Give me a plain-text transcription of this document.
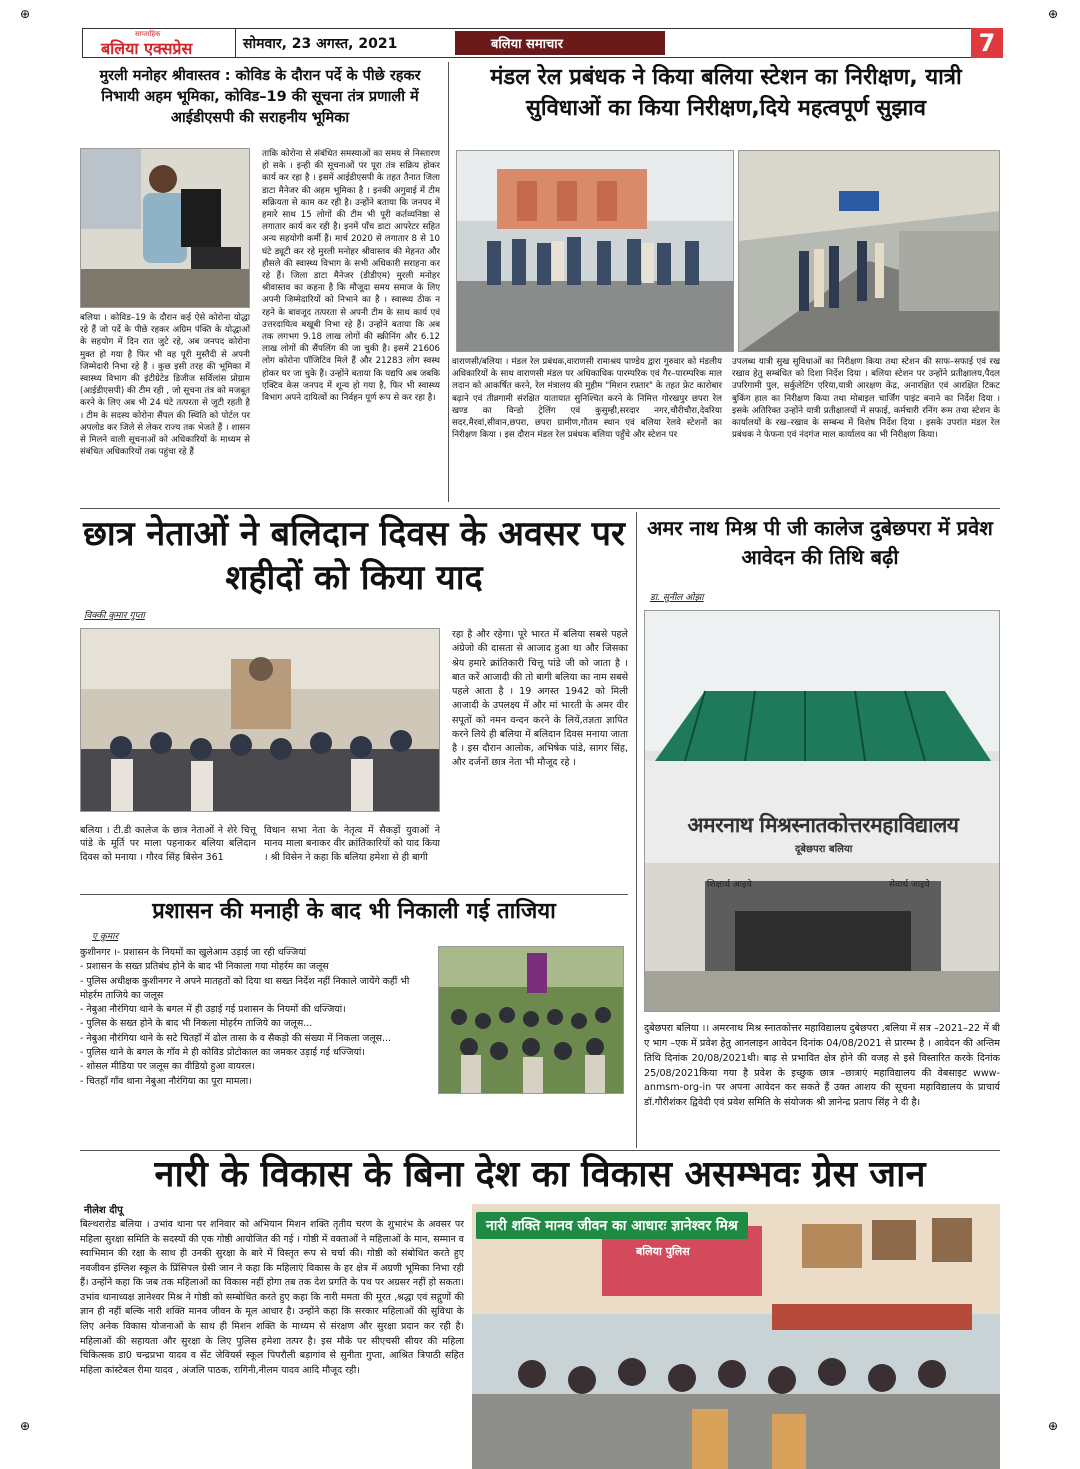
⊕	⊕
⊕	⊕
साप्ताहिक
बलिया एक्सप्रेस	सोमवार, 23 अगस्त, 2021	बलिया समाचार	7
मुरली मनोहर श्रीवास्तव : कोविड के दौरान पर्दे के पीछे रहकर निभायी अहम भूमिका, कोविड–19 की सूचना तंत्र प्रणाली में आईडीएसपी की सराहनीय भूमिका
बलिया । कोविड–19 के दौरान कई ऐसे कोरोना योद्धा रहे हैं जो पर्दे के पीछे रहकर अग्रिम पंक्ति के योद्धाओं के सहयोग में दिन रात जुटे रहे, अब जनपद कोरोना मुक्त हो गया है फिर भी वह पूरी मुस्तैदी से अपनी जिम्मेदारी निभा रहे हैं । कुछ इसी तरह की भूमिका में स्वास्थ्य विभाग की इंटीग्रेटेड डिजीज सर्विलांस प्रोग्राम (आईडीएसपी) की टीम रही , जो सूचना तंत्र को मजबूत करने के लिए अब भी 24 घंटे तत्परता से जुटी रहती है । टीम के सदस्य कोरोना सैंपल की स्थिति को पोर्टल पर अपलोड कर जिले से लेकर राज्य तक भेजते हैं । शासन से मिलने वाली सूचनाओं को अधिकारियों के माध्यम से संबंधित अधिकारियों तक पहुंचा रहे हैं
ताकि कोरोना से संबंधित समस्याओं का समय से निस्तारण हो सके । इन्ही की सूचनाओं पर पूरा तंत्र सक्रिय होकर कार्य कर रहा है । इसमें आईडीएसपी के तहत तैनात जिला डाटा मैनेजर की अहम भूमिका है । इनकी अगुवाई में टीम सक्रियता से काम कर रही है। उन्होंने बताया कि जनपद में हमारे साथ 15 लोगों की टीम भी पूरी कर्तव्यनिष्ठा से लगातार कार्य कर रही है। इनमें पाँच डाटा आपरेटर सहित अन्य सहयोगी कर्मी हैं। मार्च 2020 से लगातार 8 से 10 घंटे ड्यूटी कर रहे मुरली मनोहर श्रीवास्तव की मेहनत और हौसले की स्वास्थ्य विभाग के सभी अधिकारी सराहना कर रहे हैं। जिला डाटा मैनेजर (डीडीएम) मुरली मनोहर श्रीवास्तव का कहना है कि मौजूदा समय समाज के लिए अपनी जिम्मेदारियों को निभाने का है । स्वास्थ्य ठीक न रहने के बावजूद तत्परता से अपनी टीम के साथ कार्य एवं उत्तरदायित्व बखूबी निभा रहे हैं। उन्होंने बताया कि अब तक लगभग 9.18 लाख लोगों की स्क्रीनिंग और 6.12 लाख लोगों की सैंपलिंग की जा चुकी है। इसमें 21606 लोग कोरोना पॉजिटिव मिले हैं और 21283 लोग स्वस्थ होकर घर जा चुके हैं। उन्होंने बताया कि यद्यपि अब जबकि एक्टिव केस जनपद में शून्य हो गया है, फिर भी स्वास्थ्य विभाग अपने दायित्वों का निर्वहन पूर्ण रूप से कर रहा है।
मंडल रेल प्रबंधक ने किया बलिया स्टेशन का निरीक्षण, यात्री सुविधाओं का किया निरीक्षण,दिये महत्वपूर्ण सुझाव
वाराणसी/बलिया । मंडल रेल प्रबंधक,वाराणसी रामाश्रय पाण्डेय द्वारा गुरुवार को मंडलीय अधिकारियों के साथ वाराणसी मंडल पर अधिकाधिक पारम्परिक एवं गैर–पारम्परिक माल लदान को आकर्षित करने, रेल मंत्रालय की मुहीम "मिशन रफ़्तार" के तहत फ्रेट कारोबार बढ़ाने एवं तीव्रगामी संरक्षित यातायात सुनिश्चित करने के निमित्त गोरखपुर छपरा रेल खण्ड का विन्डो ट्रेलिंग एवं कुसुम्ही,सरदार नगर,चौरीचौरा,देवरिया सदर,मैरवां,सीवान,छपरा, छपरा ग्रामीण,गौतम स्थान एवं बलिया रेलवे स्टेशनों का निरीक्षण किया । इस दौरान मंडल रेल प्रबंधक बलिया पहुँचे और स्टेशन पर
उपलब्ध यात्री सुख सुविधाओं का निरीक्षण किया तथा स्टेशन की साफ–सफाई एवं रख रखाव हेतु सम्बंधित को दिशा निर्देश दिया । बलिया स्टेशन पर उन्होंने प्रतीक्षालय,पैदल उपरिगामी पुल, सर्कुलेटिंग एरिया,यात्री आरक्षण केंद्र, अनारक्षित एवं आरक्षित टिकट बुकिंग हाल का निरीक्षण किया तथा मोबाइल चार्जिंग पाइंट बनाने का निर्देश दिया । इसके अतिरिक्त उन्होंने यात्री प्रतीक्षालयों में सफाई, कर्मचारी रनिंग रूम तथा स्टेशन के कार्यालयों के रख–रखाव के सम्बन्ध में विशेष निर्देश दिया । इसके उपरांत मंडल रेल प्रबंधक ने फेफना एवं नंदगंज माल कार्यालय का भी निरीक्षण किया।
छात्र नेताओं ने बलिदान दिवस के अवसर पर शहीदों को किया याद
विक्की कुमार गुप्ता
बलिया । टी.डी कालेज के छात्र नेताओं ने शेरे चित्तू पांडे के मूर्ति पर माला पहनाकर बलिया बलिदान दिवस को मनाया । गौरव सिंह बिसेन 361
विधान सभा नेता के नेतृत्व में सैकड़ों युवाओं ने मानव माला बनाकर वीर क्रांतिकारियों को याद किया । श्री विसेन ने कहा कि बलिया हमेशा से ही बागी
रहा है और रहेगा। पूरे भारत में बलिया सबसे पहले अंग्रेजो की दासता से आजाद हुआ था और जिसका श्रेय हमारे क्रांतिकारी चित्तू पांडे जी को जाता है । बात करें आजादी की तो बागी बलिया का नाम सबसे पहले आता है । 19 अगस्त 1942 को मिली आजादी के उपलक्ष्य में और मां भारती के अमर वीर सपूतों को नमन वन्दन करने के लियें,तज्ञता ज्ञापित करने लिये ही बलिया में बलिदान दिवस मनाया जाता है । इस दौरान आलोक, अभिषेक पांडे, सागर सिंह, और दर्जनों छात्र नेता भी मौजूद रहे ।
अमर नाथ मिश्र पी जी कालेज दुबेछपरा में प्रवेश आवेदन की तिथि बढ़ी
डा. सुनील ओझा
अमरनाथ मिश्रस्नातकोत्तरमहाविद्यालय
दूबेछपरा बलिया
शिक्षार्थ आइये	सेवार्थ जाइये
दुबेछपरा बलिया ।। अमरनाथ मिश्र स्नातकोत्तर महाविद्यालय दुबेछपरा ,बलिया में सत्र –2021–22 में बी ए भाग –एक में प्रवेश हेतु आनलाइन आवेदन दिनांक 04/08/2021 से प्रारम्भ है । आवेदन की अन्तिम तिथि दिनांक 20/08/2021थी। बाढ़ से प्रभावित क्षेत्र होने की वजह से इसे विस्तारित करके दिनांक 25/08/2021किया गया है प्रवेश के इच्छुक छात्र –छात्राएं महाविद्यालय की वेबसाइट www-anmsm-org-in पर अपना आवेदन कर सकते हैं उक्त आशय की सूचना महाविद्यालय के प्राचार्य डॉ.गौरीशंकर द्विवेदी एवं प्रवेश समिति के संयोजक श्री ज्ञानेन्द्र प्रताप सिंह ने दी है।
प्रशासन की मनाही के बाद भी निकाली गई ताजिया
ए कुमार
कुशीनगर ।- प्रशासन के नियमों का खुलेआम उड़ाई जा रही धज्जियां
- प्रशासन के सख्त प्रतिबंध होने के बाद भी निकाला गया मोहर्रम का जलूस
- पुलिस अधीक्षक कुशीनगर ने अपने मातहतों को दिया था सख्त निर्देश नहीं निकाले जायेंगे कहीं भी मोहर्रम ताजिये का जलूस
- नेबुआ नौरंगिया थाने के बगल में ही उड़ाई गई प्रशासन के नियमों की धज्जियां।
- पुलिस के सख्त होने के बाद भी निकला मोहर्रम ताजिये का जलूस...
- नेबुआ नौरंगिया थाने के सटे चितहाँ में ढोल तासा के व सैकड़ो की संख्या में निकला जलूस...
- पुलिस थाने के बगल के गाँव मे ही कोविड प्रोटोकाल का जमकर उड़ाई गई धज्जियां।
- शोसल मीडिया पर जलूस का वीडियो हुआ वायरल।
- चितहाँ गाँव थाना नेबुआ नौरंगिया का पूरा मामला।
नारी के विकास के बिना देश का विकास असम्भवः ग्रेस जान
नीलेश दीपू
बिल्थरारोड बलिया । उभांव थाना पर शनिवार को अभियान मिशन शक्ति तृतीय चरण के शुभारंभ के अवसर पर महिला सुरक्षा समिति के सदस्यों की एक गोष्ठी आयोजित की गई । गोष्ठी में वक्ताओं ने महिलाओं के मान, सम्मान व स्वाभिमान की रक्षा के साथ ही उनकी सुरक्षा के बारे में विस्तृत रूप से चर्चा की। गोष्ठी को संबोधित करते हुए नवजीवन इंग्लिश स्कूल के प्रिंसिपल ग्रेसी जान ने कहा कि महिलाएं विकास के हर क्षेत्र में अग्रणी भूमिका निभा रही हैं। उन्होंने कहा कि जब तक महिलाओं का विकास नहीं होगा तब तक देश प्रगति के पथ पर अग्रसर नहीं हो सकता। उभांव थानाध्यक्ष ज्ञानेश्वर मिश्र ने गोष्ठी को सम्बोधित करते हुए कहा कि नारी ममता की मूरत ,श्रद्धा एवं सद्गुणों की ज्ञान ही नहीं बल्कि नारी शक्ति मानव जीवन के मूल आधार है। उन्होंने कहा कि सरकार महिलाओं की सुविधा के लिए अनेक विकास योजनाओं के साथ ही मिशन शक्ति के माध्यम से संरक्षण और सुरक्षा प्रदान कर रही है। महिलाओं की सहायता और सुरक्षा के लिए पुलिस हमेशा तत्पर है। इस मौके पर सीएचसी सीयर की महिला चिकित्सक डा0 चन्द्रप्रभा यादव व सेंट जेवियर्स स्कूल पिपरौली बड़ागांव से सुनीता गुप्ता, आश्रित त्रिपाठी सहित महिला कांस्टेबल रीमा यादव , अंजलि पाठक, रागिनी,नीलम यादव आदि मौजूद रही।
बलिया पुलिस
नारी शक्ति मानव जीवन का आधारः ज्ञानेश्वर मिश्र
